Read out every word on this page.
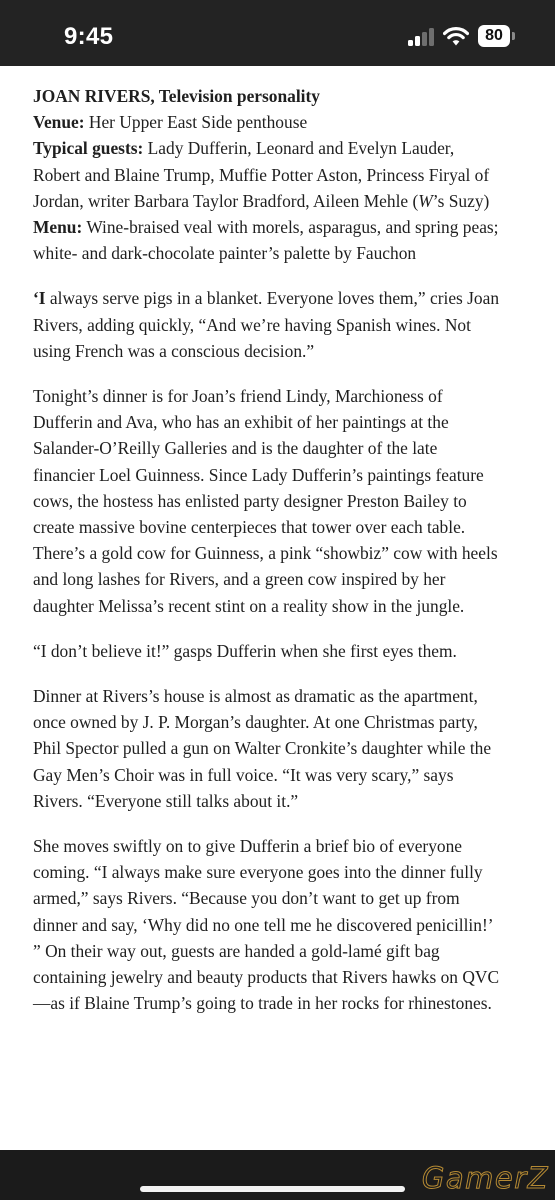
9:45	80

JOAN RIVERS, Television personality
Venue: Her Upper East Side penthouse
Typical guests: Lady Dufferin, Leonard and Evelyn Lauder, Robert and Blaine Trump, Muffie Potter Aston, Princess Firyal of Jordan, writer Barbara Taylor Bradford, Aileen Mehle (W’s Suzy)
Menu: Wine-braised veal with morels, asparagus, and spring peas; white- and dark-chocolate painter’s palette by Fauchon

‘I always serve pigs in a blanket. Everyone loves them,” cries Joan Rivers, adding quickly, “And we’re having Spanish wines. Not using French was a conscious decision.”

Tonight’s dinner is for Joan’s friend Lindy, Marchioness of Dufferin and Ava, who has an exhibit of her paintings at the Salander-O’Reilly Galleries and is the daughter of the late financier Loel Guinness. Since Lady Dufferin’s paintings feature cows, the hostess has enlisted party designer Preston Bailey to create massive bovine centerpieces that tower over each table. There’s a gold cow for Guinness, a pink “showbiz” cow with heels and long lashes for Rivers, and a green cow inspired by her daughter Melissa’s recent stint on a reality show in the jungle.

“I don’t believe it!” gasps Dufferin when she first eyes them.

Dinner at Rivers’s house is almost as dramatic as the apartment, once owned by J. P. Morgan’s daughter. At one Christmas party, Phil Spector pulled a gun on Walter Cronkite’s daughter while the Gay Men’s Choir was in full voice. “It was very scary,” says Rivers. “Everyone still talks about it.”

She moves swiftly on to give Dufferin a brief bio of everyone coming. “I always make sure everyone goes into the dinner fully armed,” says Rivers. “Because you don’t want to get up from dinner and say, ‘Why did no one tell me he discovered penicillin!’ ” On their way out, guests are handed a gold-lamé gift bag containing jewelry and beauty products that Rivers hawks on QVC—as if Blaine Trump’s going to trade in her rocks for rhinestones.

GamerZ
